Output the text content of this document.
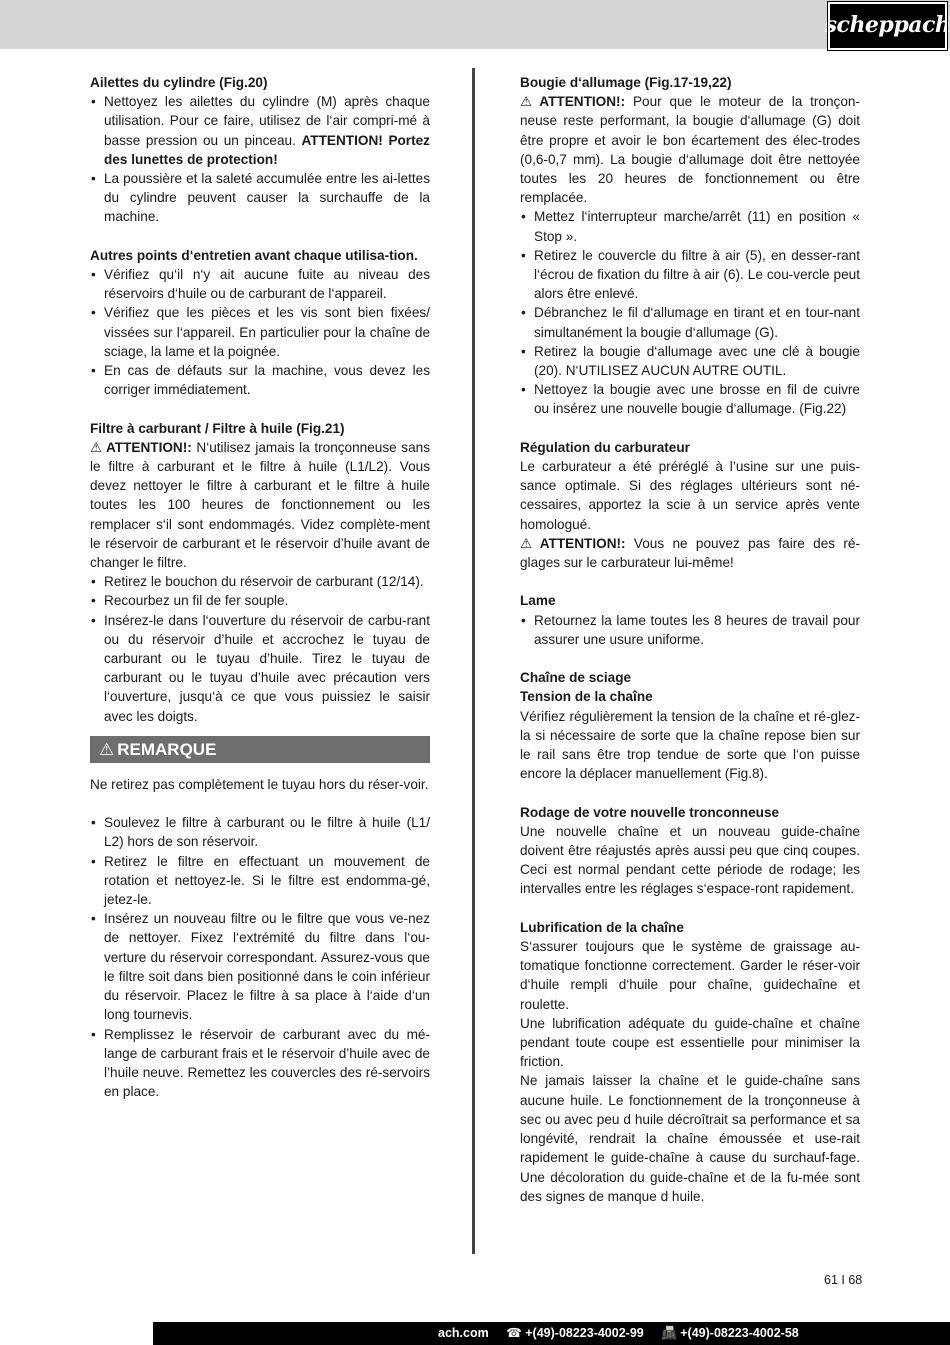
scheppach

Ailettes du cylindre (Fig.20)

• Nettoyez les ailettes du cylindre (M) après chaque utilisation. Pour ce faire, utilisez de l‘air compri-mé à basse pression ou un pinceau. ATTENTION! Portez des lunettes de protection!
• La poussière et la saleté accumulée entre les ai-lettes du cylindre peuvent causer la surchauffe de la machine.

Autres points d‘entretien avant chaque utilisa-tion.

• Vérifiez qu‘il n‘y ait aucune fuite au niveau des réservoirs d‘huile ou de carburant de l‘appareil.
• Vérifiez que les pièces et les vis sont bien fixées/ vissées sur l‘appareil. En particulier pour la chaîne de sciage, la lame et la poignée.
• En cas de défauts sur la machine, vous devez les corriger immédiatement.

Filtre à carburant / Filtre à huile (Fig.21)

⚠ ATTENTION!: N‘utilisez jamais la tronçonneuse sans le filtre à carburant et le filtre à huile (L1/L2). Vous devez nettoyer le filtre à carburant et le filtre à huile toutes les 100 heures de fonctionnement ou les remplacer s‘il sont endommagés. Videz complète-ment le réservoir de carburant et le réservoir d’huile avant de changer le filtre.

• Retirez le bouchon du réservoir de carburant (12/14).
• Recourbez un fil de fer souple.
• Insérez-le dans l‘ouverture du réservoir de carbu-rant ou du réservoir d’huile et accrochez le tuyau de carburant ou le tuyau d’huile. Tirez le tuyau de carburant ou le tuyau d’huile avec précaution vers l‘ouverture, jusqu‘à ce que vous puissiez le saisir avec les doigts.
⚠ REMARQUE

Ne retirez pas complètement le tuyau hors du réser-voir.

• Soulevez le filtre à carburant ou le filtre à huile (L1/ L2) hors de son réservoir.
• Retirez le filtre en effectuant un mouvement de rotation et nettoyez-le. Si le filtre est endomma-gé, jetez-le.
• Insérez un nouveau filtre ou le filtre que vous ve-nez de nettoyer. Fixez l‘extrémité du filtre dans l‘ou-verture du réservoir correspondant. Assurez-vous que le filtre soit dans bien positionné dans le coin inférieur du réservoir. Placez le filtre à sa place à l‘aide d‘un long tournevis.
• Remplissez le réservoir de carburant avec du mé-lange de carburant frais et le réservoir d’huile avec de l’huile neuve. Remettez les couvercles des ré-servoirs en place.

Bougie d‘allumage (Fig.17-19,22)

⚠ ATTENTION!: Pour que le moteur de la tronçon-neuse reste performant, la bougie d‘allumage (G) doit être propre et avoir le bon écartement des élec-trodes (0,6-0,7 mm). La bougie d‘allumage doit être nettoyée toutes les 20 heures de fonctionnement ou être remplacée.

• Mettez l‘interrupteur marche/arrêt (11) en position « Stop ».
• Retirez le couvercle du filtre à air (5), en desser-rant l‘écrou de fixation du filtre à air (6). Le cou-vercle peut alors être enlevé.
• Débranchez le fil d‘allumage en tirant et en tour-nant simultanément la bougie d‘allumage (G).
• Retirez la bougie d‘allumage avec une clé à bougie (20). N‘UTILISEZ AUCUN AUTRE OUTIL.
• Nettoyez la bougie avec une brosse en fil de cuivre ou insérez une nouvelle bougie d‘allumage. (Fig.22)

Régulation du carburateur

Le carburateur a été préréglé à l’usine sur une puis-sance optimale. Si des réglages ultérieurs sont né-cessaires, apportez la scie à un service après vente homologué.

⚠ ATTENTION!: Vous ne pouvez pas faire des ré-glages sur le carburateur lui-même!

Lame

• Retournez la lame toutes les 8 heures de travail pour assurer une usure uniforme.

Chaîne de sciage

Tension de la chaîne

Vérifiez régulièrement la tension de la chaîne et ré-glez-la si nécessaire de sorte que la chaîne repose bien sur le rail sans être trop tendue de sorte que l‘on puisse encore la déplacer manuellement (Fig.8).

Rodage de votre nouvelle tronconneuse

Une nouvelle chaîne et un nouveau guide-chaîne doivent être réajustés après aussi peu que cinq coupes. Ceci est normal pendant cette période de rodage; les intervalles entre les réglages s‘espace-ront rapidement.

Lubrification de la chaîne

S‘assurer toujours que le système de graissage au-tomatique fonctionne correctement. Garder le réser-voir d‘huile rempli d‘huile pour chaîne, guidechaîne et roulette.

Une lubrification adéquate du guide-chaîne et chaîne pendant toute coupe est essentielle pour minimiser la friction.

Ne jamais laisser la chaîne et le guide-chaîne sans aucune huile. Le fonctionnement de la tronçonneuse à sec ou avec peu d huile décroîtrait sa performance et sa longévité, rendrait la chaîne émoussée et use-rait rapidement le guide-chaîne à cause du surchauf-fage. Une décoloration du guide-chaîne et de la fu-mée sont des signes de manque d huile.

61 I 68
ach.com ☎ +(49)-08223-4002-99 📠 +(49)-08223-4002-58
